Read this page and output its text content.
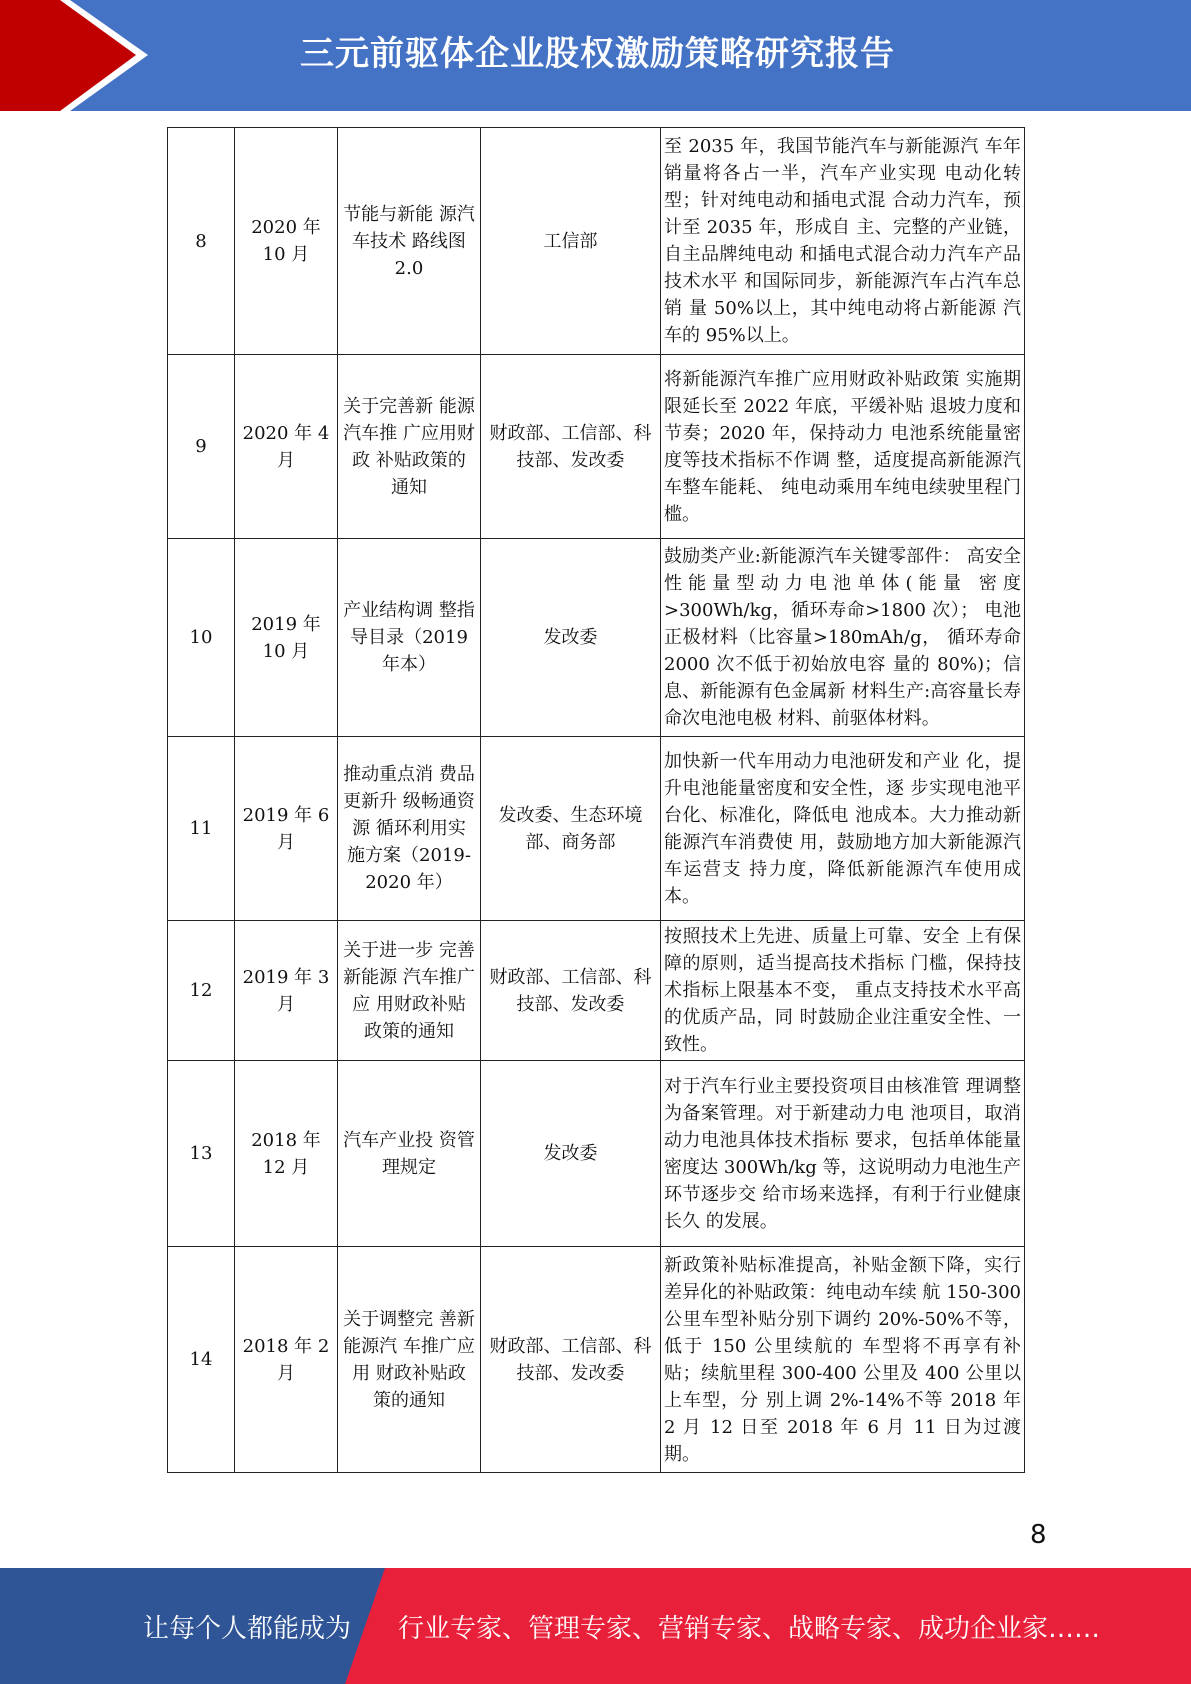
三元前驱体企业股权激励策略研究报告
8	2020 年 10 月	节能与新能 源汽车技术 路线图 2.0	工信部	至 2035 年，我国节能汽车与新能源汽 车年销量将各占一半，汽车产业实现 电动化转型；针对纯电动和插电式混 合动力汽车，预计至 2035 年，形成自 主、完整的产业链，自主品牌纯电动 和插电式混合动力汽车产品技术水平 和国际同步，新能源汽车占汽车总销 量 50%以上，其中纯电动将占新能源 汽车的 95%以上。
9	2020 年 4 月	关于完善新 能源汽车推 广应用财政 补贴政策的 通知	财政部、工信部、科技部、发改委	将新能源汽车推广应用财政补贴政策 实施期限延长至 2022 年底，平缓补贴 退坡力度和节奏；2020 年，保持动力 电池系统能量密度等技术指标不作调 整，适度提高新能源汽车整车能耗、 纯电动乘用车纯电续驶里程门槛。
10	2019 年 10 月	产业结构调 整指导目录（2019 年本）	发改委	鼓励类产业:新能源汽车关键零部件： 高安全性能量型动力电池单体(能量 密度>300Wh/kg，循环寿命>1800 次）； 电池正极材料（比容量>180mAh/g， 循环寿命 2000 次不低于初始放电容 量的 80%)；信息、新能源有色金属新 材料生产:高容量长寿命次电池电极 材料、前驱体材料。
11	2019 年 6 月	推动重点消 费品更新升 级畅通资源 循环利用实 施方案（2019-2020 年）	发改委、生态环境部、商务部	加快新一代车用动力电池研发和产业 化，提升电池能量密度和安全性，逐 步实现电池平台化、标准化，降低电 池成本。大力推动新能源汽车消费使 用，鼓励地方加大新能源汽车运营支 持力度，降低新能源汽车使用成本。
12	2019 年 3 月	关于进一步 完善新能源 汽车推广应 用财政补贴 政策的通知	财政部、工信部、科技部、发改委	按照技术上先进、质量上可靠、安全 上有保障的原则，适当提高技术指标 门槛，保持技术指标上限基本不变， 重点支持技术水平高的优质产品，同 时鼓励企业注重安全性、一致性。
13	2018 年 12 月	汽车产业投 资管理规定	发改委	对于汽车行业主要投资项目由核准管 理调整为备案管理。对于新建动力电 池项目，取消动力电池具体技术指标 要求，包括单体能量密度达 300Wh/kg 等，这说明动力电池生产环节逐步交 给市场来选择，有利于行业健康长久 的发展。
14	2018 年 2 月	关于调整完 善新能源汽 车推广应用 财政补贴政 策的通知	财政部、工信部、科技部、发改委	新政策补贴标准提高，补贴金额下降，实行差异化的补贴政策：纯电动车续 航 150-300 公里车型补贴分别下调约 20%-50%不等，低于 150 公里续航的 车型将不再享有补贴；续航里程 300-400 公里及 400 公里以上车型，分 别上调 2%-14%不等 2018 年 2 月 12 日至 2018 年 6 月 11 日为过渡期。
8
让每个人都能成为 行业专家、管理专家、营销专家、战略专家、成功企业家……
